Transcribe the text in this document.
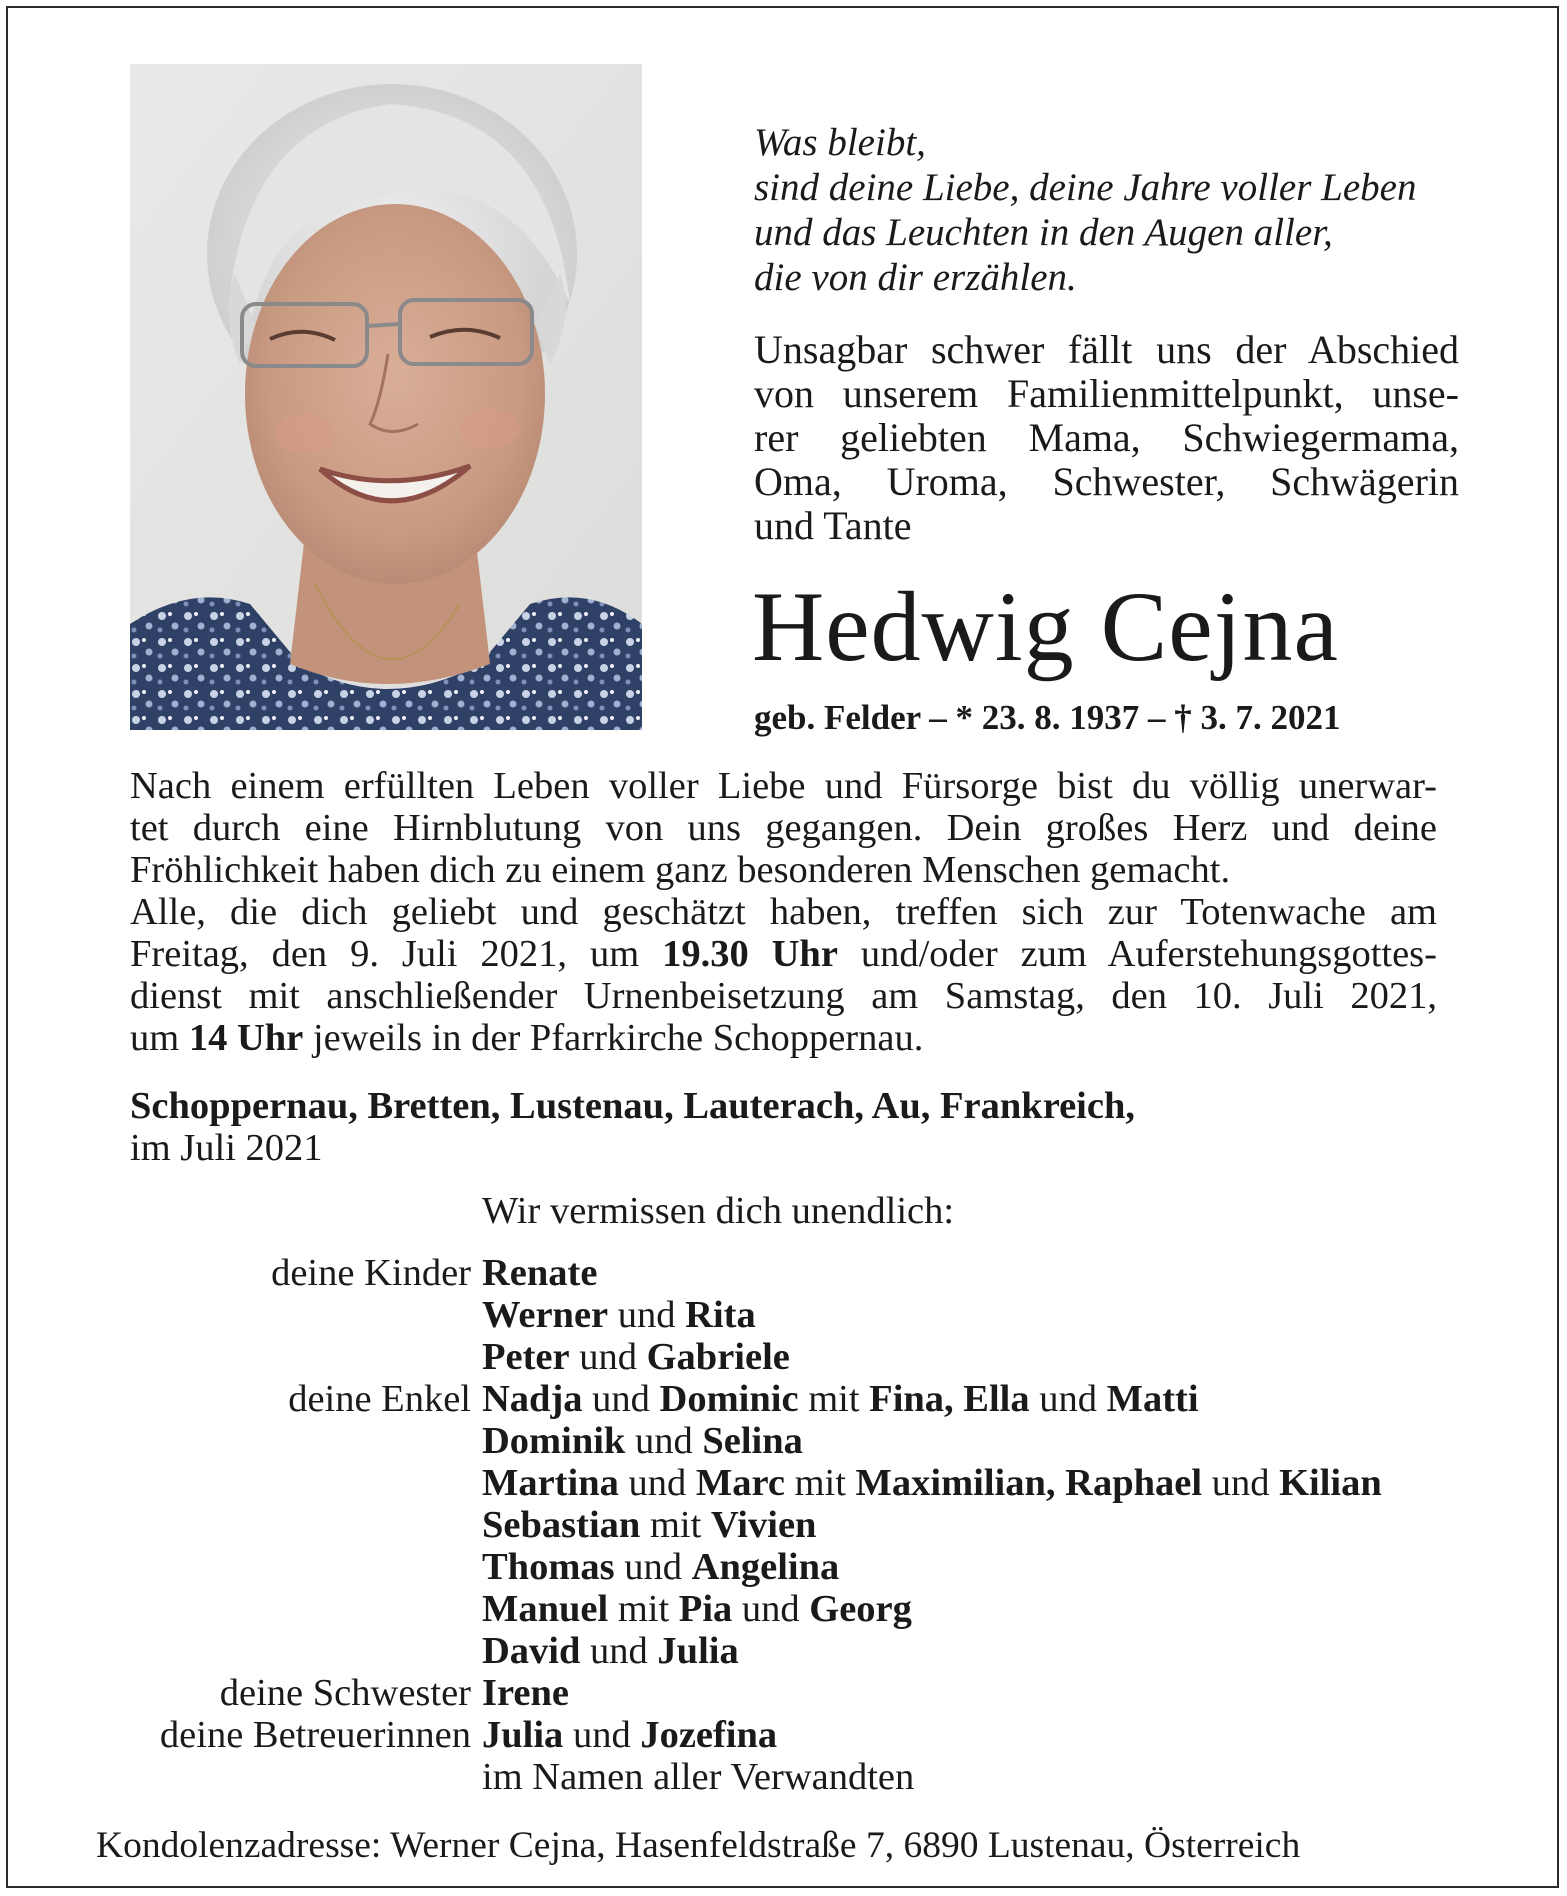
Was bleibt,
sind deine Liebe, deine Jahre voller Leben
und das Leuchten in den Augen aller,
die von dir erzählen.
Unsagbar schwer fällt uns der Abschied
von unserem Familienmittelpunkt, unse-
rer geliebten Mama, Schwiegermama,
Oma, Uroma, Schwester, Schwägerin
und Tante
Hedwig Cejna
geb. Felder – * 23. 8. 1937 – † 3. 7. 2021
Nach einem erfüllten Leben voller Liebe und Fürsorge bist du völlig unerwar-
tet durch eine Hirnblutung von uns gegangen. Dein großes Herz und deine
Fröhlichkeit haben dich zu einem ganz besonderen Menschen gemacht.
Alle, die dich geliebt und geschätzt haben, treffen sich zur Totenwache am
Freitag, den 9. Juli 2021, um 19.30 Uhr und/oder zum Auferstehungsgottes-
dienst mit anschließender Urnenbeisetzung am Samstag, den 10. Juli 2021,
um 14 Uhr jeweils in der Pfarrkirche Schoppernau.
Schoppernau, Bretten, Lustenau, Lauterach, Au, Frankreich,
im Juli 2021
Wir vermissen dich unendlich:
deine Kinder Renate
Werner und Rita
Peter und Gabriele
deine Enkel Nadja und Dominic mit Fina, Ella und Matti
Dominik und Selina
Martina und Marc mit Maximilian, Raphael und Kilian
Sebastian mit Vivien
Thomas und Angelina
Manuel mit Pia und Georg
David und Julia
deine Schwester Irene
deine Betreuerinnen Julia und Jozefina
im Namen aller Verwandten
Kondolenzadresse: Werner Cejna, Hasenfeldstraße 7, 6890 Lustenau, Österreich
